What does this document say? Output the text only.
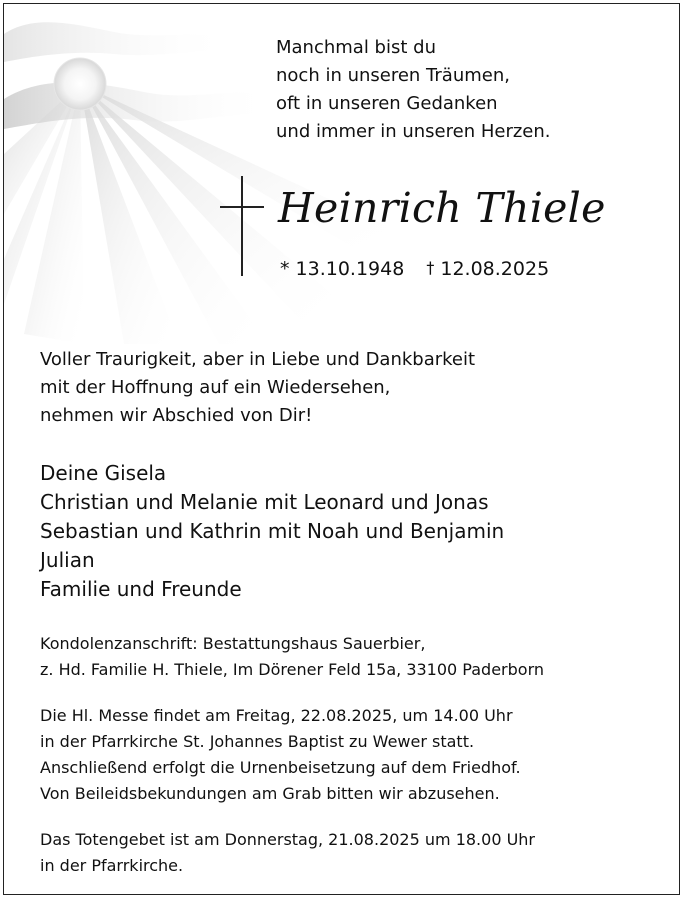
Manchmal bist du
noch in unseren Träumen,
oft in unseren Gedanken
und immer in unseren Herzen.
Heinrich Thiele
* 13.10.1948 † 12.08.2025
Voller Traurigkeit, aber in Liebe und Dankbarkeit
mit der Hoffnung auf ein Wiedersehen,
nehmen wir Abschied von Dir!
Deine Gisela
Christian und Melanie mit Leonard und Jonas
Sebastian und Kathrin mit Noah und Benjamin
Julian
Familie und Freunde
Kondolenzanschrift: Bestattungshaus Sauerbier,
z. Hd. Familie H. Thiele, Im Dörener Feld 15a, 33100 Paderborn
Die Hl. Messe findet am Freitag, 22.08.2025, um 14.00 Uhr
in der Pfarrkirche St. Johannes Baptist zu Wewer statt.
Anschließend erfolgt die Urnenbeisetzung auf dem Friedhof.
Von Beileidsbekundungen am Grab bitten wir abzusehen.
Das Totengebet ist am Donnerstag, 21.08.2025 um 18.00 Uhr
in der Pfarrkirche.
